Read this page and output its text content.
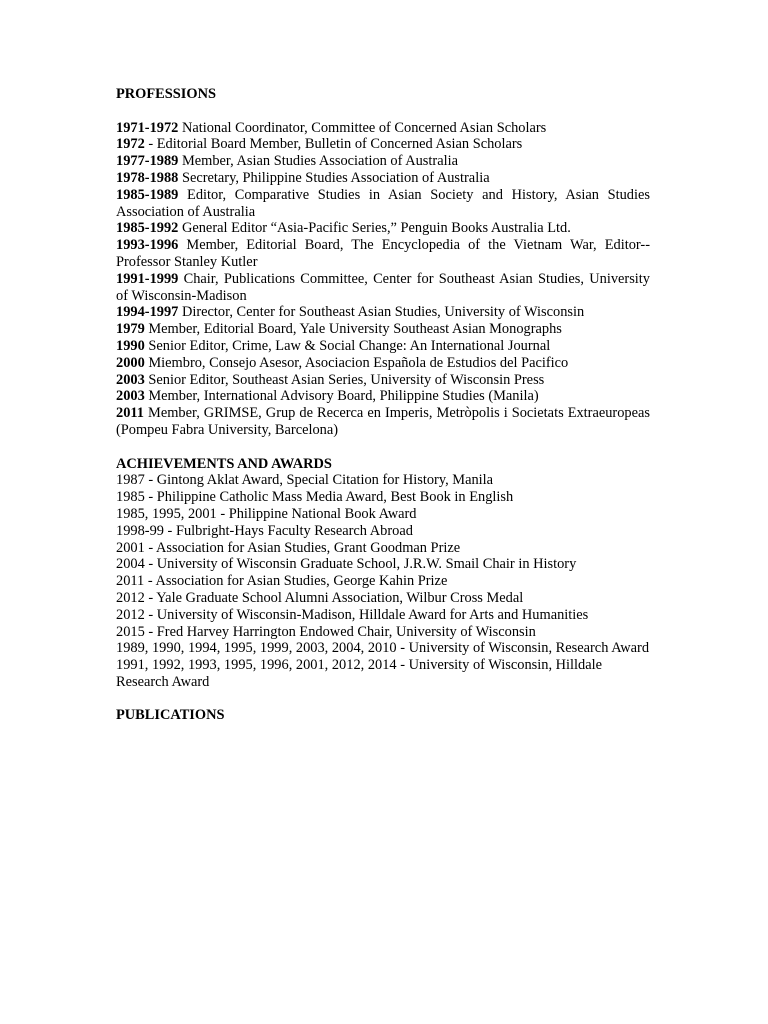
PROFESSIONS

1971-1972 National Coordinator, Committee of Concerned Asian Scholars

1972 - Editorial Board Member, Bulletin of Concerned Asian Scholars

1977-1989 Member, Asian Studies Association of Australia

1978-1988 Secretary, Philippine Studies Association of Australia

1985-1989 Editor, Comparative Studies in Asian Society and History, Asian Studies Association of Australia

1985-1992 General Editor “Asia-Pacific Series,” Penguin Books Australia Ltd.

1993-1996 Member, Editorial Board, The Encyclopedia of the Vietnam War, Editor--Professor Stanley Kutler

1991-1999 Chair, Publications Committee, Center for Southeast Asian Studies, University of Wisconsin-Madison

1994-1997 Director, Center for Southeast Asian Studies, University of Wisconsin

1979 Member, Editorial Board, Yale University Southeast Asian Monographs

1990 Senior Editor, Crime, Law & Social Change: An International Journal

2000 Miembro, Consejo Asesor, Asociacion Española de Estudios del Pacifico

2003 Senior Editor, Southeast Asian Series, University of Wisconsin Press

2003 Member, International Advisory Board, Philippine Studies (Manila)

2011 Member, GRIMSE, Grup de Recerca en Imperis, Metròpolis i Societats Extraeuropeas (Pompeu Fabra University, Barcelona)

ACHIEVEMENTS AND AWARDS

1987 - Gintong Aklat Award, Special Citation for History, Manila

1985 - Philippine Catholic Mass Media Award, Best Book in English

1985, 1995, 2001 - Philippine National Book Award

1998-99 - Fulbright-Hays Faculty Research Abroad

2001 - Association for Asian Studies, Grant Goodman Prize

2004 - University of Wisconsin Graduate School, J.R.W. Smail Chair in History

2011 - Association for Asian Studies, George Kahin Prize

2012 - Yale Graduate School Alumni Association, Wilbur Cross Medal

2012 - University of Wisconsin-Madison, Hilldale Award for Arts and Humanities

2015 - Fred Harvey Harrington Endowed Chair, University of Wisconsin

1989, 1990, 1994, 1995, 1999, 2003, 2004, 2010 - University of Wisconsin, Research Award

1991, 1992, 1993, 1995, 1996, 2001, 2012, 2014 - University of Wisconsin, Hilldale Research Award

PUBLICATIONS
